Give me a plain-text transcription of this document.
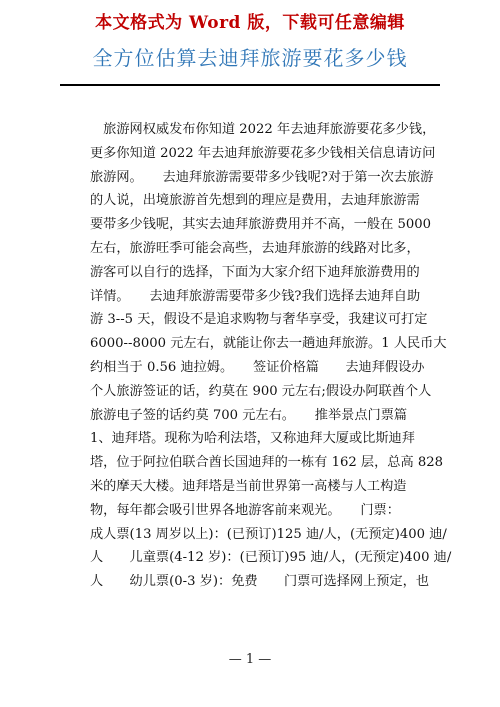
本文格式为 Word 版，下载可任意编辑
全方位估算去迪拜旅游要花多少钱
　旅游网权威发布你知道 2022 年去迪拜旅游要花多少钱，
更多你知道 2022 年去迪拜旅游要花多少钱相关信息请访问
旅游网。　　去迪拜旅游需要带多少钱呢?对于第一次去旅游
的人说，出境旅游首先想到的理应是费用，去迪拜旅游需
要带多少钱呢，其实去迪拜旅游费用并不高，一般在 5000
左右，旅游旺季可能会高些，去迪拜旅游的线路对比多，
游客可以自行的选择，下面为大家介绍下迪拜旅游费用的
详情。　　去迪拜旅游需要带多少钱?我们选择去迪拜自助
游 3--5 天，假设不是追求购物与奢华享受，我建议可打定
6000--8000 元左右，就能让你去一趟迪拜旅游。1 人民币大
约相当于 0.56 迪拉姆。　　签证价格篇　　去迪拜假设办
个人旅游签证的话，约莫在 900 元左右;假设办阿联酋个人
旅游电子签的话约莫 700 元左右。　　推举景点门票篇
1、迪拜塔。现称为哈利法塔，又称迪拜大厦或比斯迪拜
塔，位于阿拉伯联合酋长国迪拜的一栋有 162 层，总高 828
米的摩天大楼。迪拜塔是当前世界第一高楼与人工构造
物，每年都会吸引世界各地游客前来观光。　　门票：
成人票(13 周岁以上)：(已预订)125 迪/人，(无预定)400 迪/
人　　儿童票(4-12 岁)：(已预订)95 迪/人，(无预定)400 迪/
人　　幼儿票(0-3 岁)：免费　　门票可选择网上预定，也
— 1 —
